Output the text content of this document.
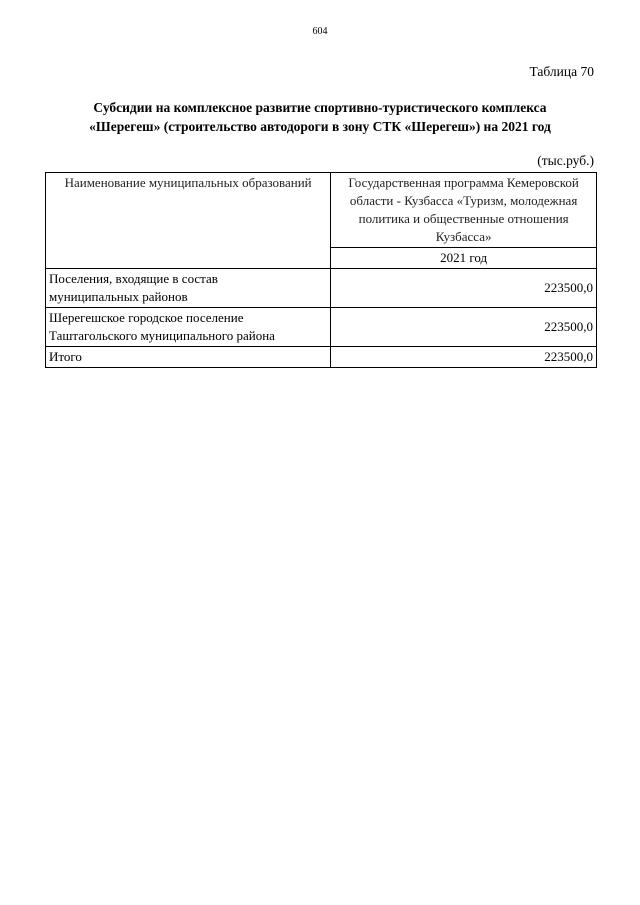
604
Таблица 70
Субсидии на комплексное развитие спортивно-туристического комплекса
«Шерегеш» (строительство автодороги в зону СТК «Шерегеш») на 2021 год
(тыс.руб.)
Наименование муниципальных образований	Государственная программа Кемеровской области - Кузбасса «Туризм, молодежная политика и общественные отношения Кузбасса»
	2021 год

Поселения, входящие в состав
муниципальных районов	223500,0

Шерегешское городское поселение
Таштагольского муниципального района	223500,0
Итого	223500,0
